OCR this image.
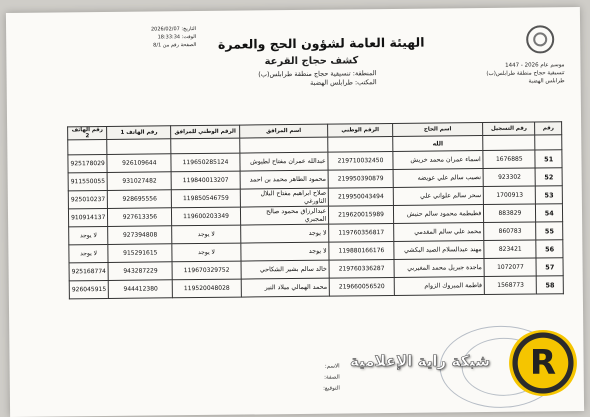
موسم عام 2026 - 1447
تنسيقية حجاج منطقة طرابلس(ب)
طرابلس الهضبة
الهيئة العامة لشؤون الحج والعمرة
كشف حجاج القرعة
التاريخ: 2026/02/07
الوقت: 18:33:34
الصفحة رقم من 8/1
المنطقة: تنسيقية حجاج منطقة طرابلس(ب)
المكتب: طرابلس الهضبة
رقم	رقم التسجيل	اسم الحاج	الرقم الوطني	اسم المرافق	الرقم الوطني للمرافق	رقم الهاتف 1	رقم الهاتف 2
		الله					
51	1676885	اسماء عمران محمد خريش	219710032450	عبدالله عمران مفتاح لطيوش	119650285124	926109644	925178029
52	923302	نصيب سالم علي عويضه	219950390879	محمود الطاهر محمد بن احمد	119840013207	931027482	911550055
53	1700913	سحر سالم علواني علي	219950043494	صلاح ابراهيم مفتاح البلال التاورغي	119850546759	928695556	925010237
54	883829	فطيطمة محمود سالم حنيش	219620015989	عبدالرزاق محمود صالح المجبري	119600203349	927613356	910914137
55	860783	محمد علي سالم المقدمي	119760356817	لا يوجد	لا يوجد	927394808	لا يوجد
56	823421	مهند عبدالسلام الصيد البكشي	119880166176	لا يوجد	لا يوجد	915291615	لا يوجد
57	1072077	ماجدة جبريل محمد المغيربي	219760336287	خالد سالم بشير الشكاحي	119670329752	943287229	925168774
58	1568773	فاطمة المبروك الزوام	219660056520	محمد الهمالي ميلاد النير	119520048028	944412380	926045915
الاسم:
الصفة:
التوقيع:
شبكة راية الإعلامية R
